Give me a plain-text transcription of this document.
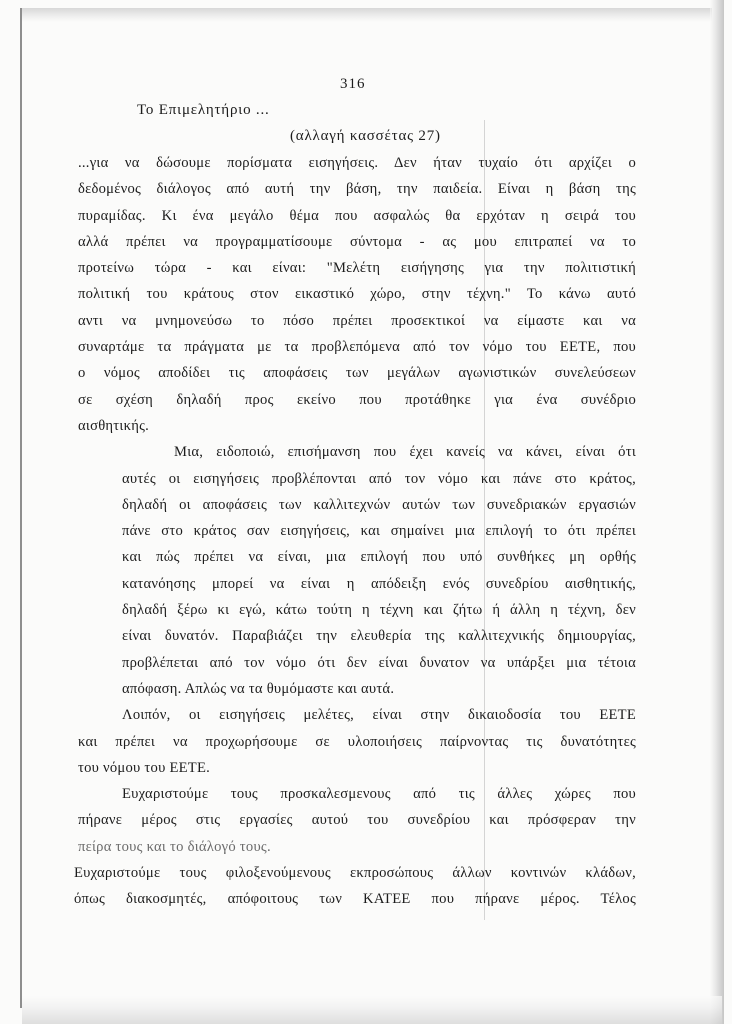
316
Το Επιμελητήριο ...
(αλλαγή κασσέτας 27)

...για να δώσουμε πορίσματα εισηγήσεις. Δεν ήταν τυχαίο ότι αρχίζει ο
δεδομένος διάλογος από αυτή την βάση, την παιδεία. Είναι η βάση της
πυραμίδας. Κι ένα μεγάλο θέμα που ασφαλώς θα ερχόταν η σειρά του
αλλά πρέπει να προγραμματίσουμε σύντομα - ας μου επιτραπεί να το
προτείνω τώρα - και είναι: "Μελέτη εισήγησης για την πολιτιστική
πολιτική του κράτους στον εικαστικό χώρο, στην τέχνη." Το κάνω αυτό
αντι να μνημονεύσω το πόσο πρέπει προσεκτικοί να είμαστε και να
συναρτάμε τα πράγματα με τα προβλεπόμενα από τον νόμο του ΕΕΤΕ, που
ο νόμος αποδίδει τις αποφάσεις των μεγάλων αγωνιστικών συνελεύσεων
σε σχέση δηλαδή προς εκείνο που προτάθηκε για ένα συνέδριο
αισθητικής.

Μια, ειδοποιώ, επισήμανση που έχει κανείς να κάνει, είναι ότι
αυτές οι εισηγήσεις προβλέπονται από τον νόμο και πάνε στο κράτος,
δηλαδή οι αποφάσεις των καλλιτεχνών αυτών των συνεδριακών εργασιών
πάνε στο κράτος σαν εισηγήσεις, και σημαίνει μια επιλογή το ότι πρέπει
και πώς πρέπει να είναι, μια επιλογή που υπό συνθήκες μη ορθής
κατανόησης μπορεί να είναι η απόδειξη ενός συνεδρίου αισθητικής,
δηλαδή ξέρω κι εγώ, κάτω τούτη η τέχνη και ζήτω ή άλλη η τέχνη, δεν
είναι δυνατόν. Παραβιάζει την ελευθερία της καλλιτεχνικής δημιουργίας,
προβλέπεται από τον νόμο ότι δεν είναι δυνατον να υπάρξει μια τέτοια
απόφαση. Απλώς να τα θυμόμαστε και αυτά.

Λοιπόν, οι εισηγήσεις μελέτες, είναι στην δικαιοδοσία του ΕΕΤΕ
και πρέπει να προχωρήσουμε σε υλοποιήσεις παίρνοντας τις δυνατότητες
του νόμου του ΕΕΤΕ.

Ευχαριστούμε τους προσκαλεσμενους από τις άλλες χώρες που
πήρανε μέρος στις εργασίες αυτού του συνεδρίου και πρόσφεραν την
πείρα τους και το διάλογό τους.

Ευχαριστούμε τους φιλοξενούμενους εκπροσώπους άλλων κοντινών κλάδων,
όπως διακοσμητές, απόφοιτους των ΚΑΤΕΕ που πήρανε μέρος. Τέλος
